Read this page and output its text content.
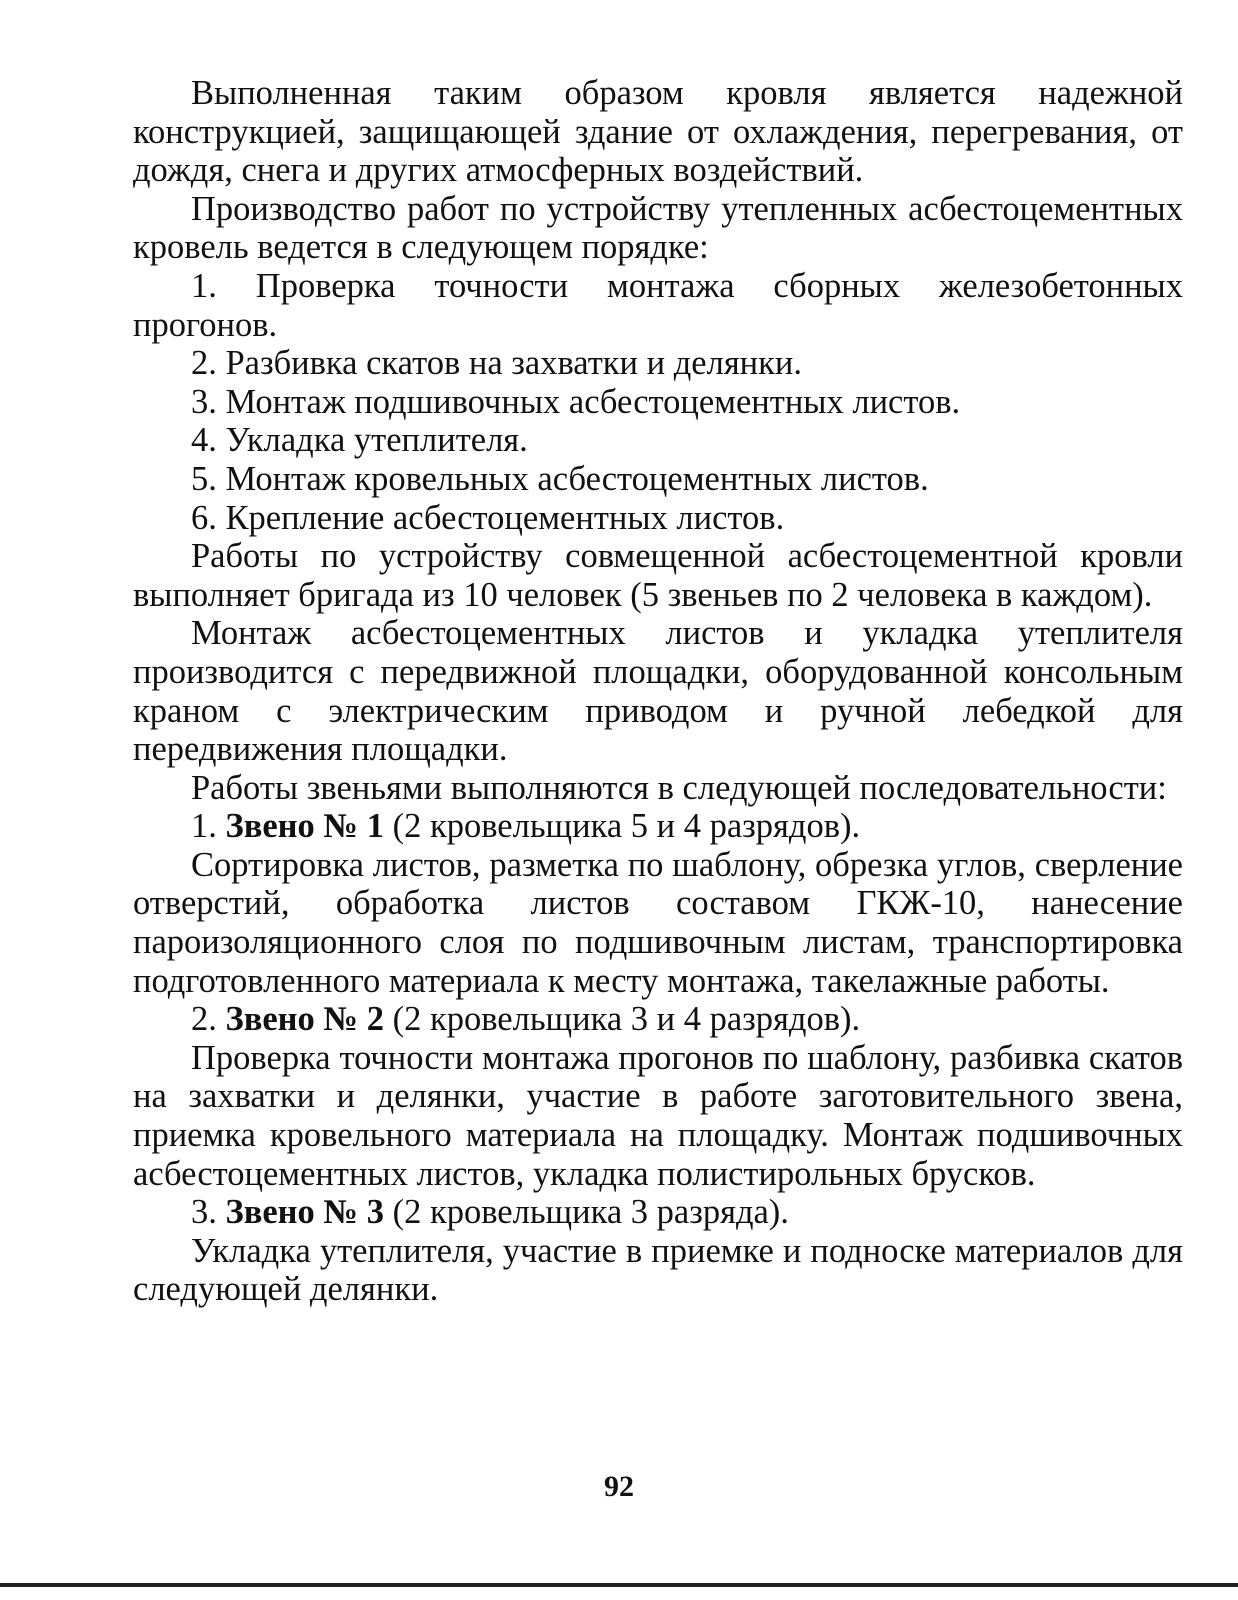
Выполненная таким образом кровля является надежной конструкцией, защищающей здание от охлаждения, перегревания, от дождя, снега и других атмосферных воздействий.

Производство работ по устройству утепленных асбестоцементных кровель ведется в следующем порядке:

1. Проверка точности монтажа сборных железобетонных прогонов.

2. Разбивка скатов на захватки и делянки.

3. Монтаж подшивочных асбестоцементных листов.

4. Укладка утеплителя.

5. Монтаж кровельных асбестоцементных листов.

6. Крепление асбестоцементных листов.

Работы по устройству совмещенной асбестоцементной кровли выполняет бригада из 10 человек (5 звеньев по 2 человека в каждом).

Монтаж асбестоцементных листов и укладка утеплителя производится с передвижной площадки, оборудованной консольным краном с электрическим приводом и ручной лебедкой для передвижения площадки.

Работы звеньями выполняются в следующей последовательности:

1. Звено № 1 (2 кровельщика 5 и 4 разрядов).

Сортировка листов, разметка по шаблону, обрезка углов, сверление отверстий, обработка листов составом ГКЖ-10, нанесение пароизоляционного слоя по подшивочным листам, транспортировка подготовленного материала к месту монтажа, такелажные работы.

2. Звено № 2 (2 кровельщика 3 и 4 разрядов).

Проверка точности монтажа прогонов по шаблону, разбивка скатов на захватки и делянки, участие в работе заготовительного звена, приемка кровельного материала на площадку. Монтаж подшивочных асбестоцементных листов, укладка полистирольных брусков.

3. Звено № 3 (2 кровельщика 3 разряда).

Укладка утеплителя, участие в приемке и подноске материалов для следующей делянки.

92
